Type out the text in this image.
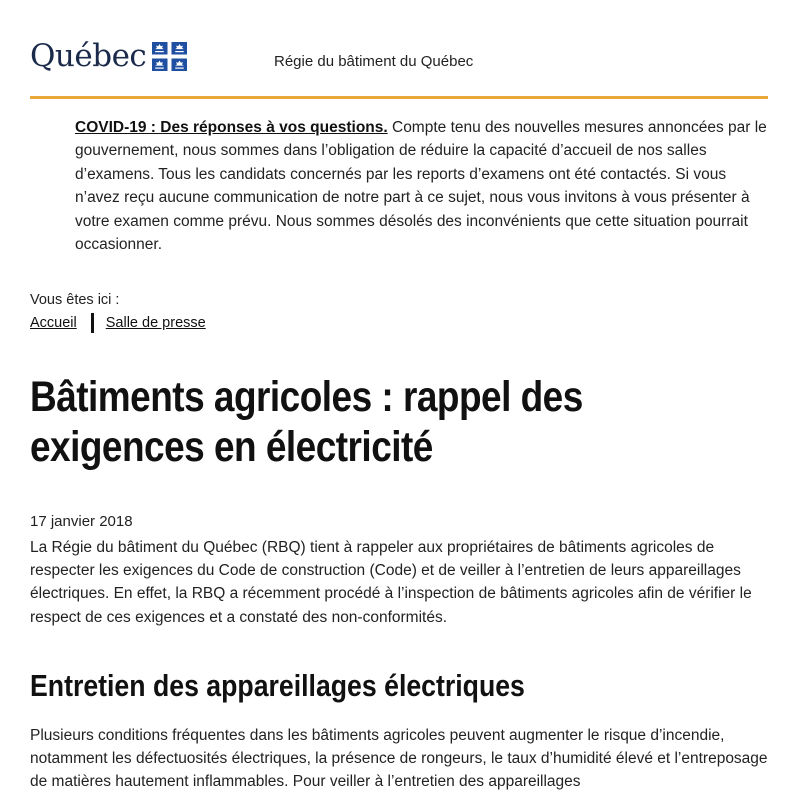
Québec	Régie du bâtiment du Québec
COVID-19 : Des réponses à vos questions. Compte tenu des nouvelles mesures annoncées par le gouvernement, nous sommes dans l’obligation de réduire la capacité d’accueil de nos salles d’examens. Tous les candidats concernés par les reports d’examens ont été contactés. Si vous n’avez reçu aucune communication de notre part à ce sujet, nous vous invitons à vous présenter à votre examen comme prévu. Nous sommes désolés des inconvénients que cette situation pourrait occasionner.
Vous êtes ici :
Accueil Salle de presse
Bâtiments agricoles : rappel des exigences en électricité
17 janvier 2018

La Régie du bâtiment du Québec (RBQ) tient à rappeler aux propriétaires de bâtiments agricoles de respecter les exigences du Code de construction (Code) et de veiller à l’entretien de leurs appareillages électriques. En effet, la RBQ a récemment procédé à l’inspection de bâtiments agricoles afin de vérifier le respect de ces exigences et a constaté des non-conformités.

Entretien des appareillages électriques

Plusieurs conditions fréquentes dans les bâtiments agricoles peuvent augmenter le risque d’incendie, notamment les défectuosités électriques, la présence de rongeurs, le taux d’humidité élevé et l’entreposage de matières hautement inflammables. Pour veiller à l’entretien des appareillages
